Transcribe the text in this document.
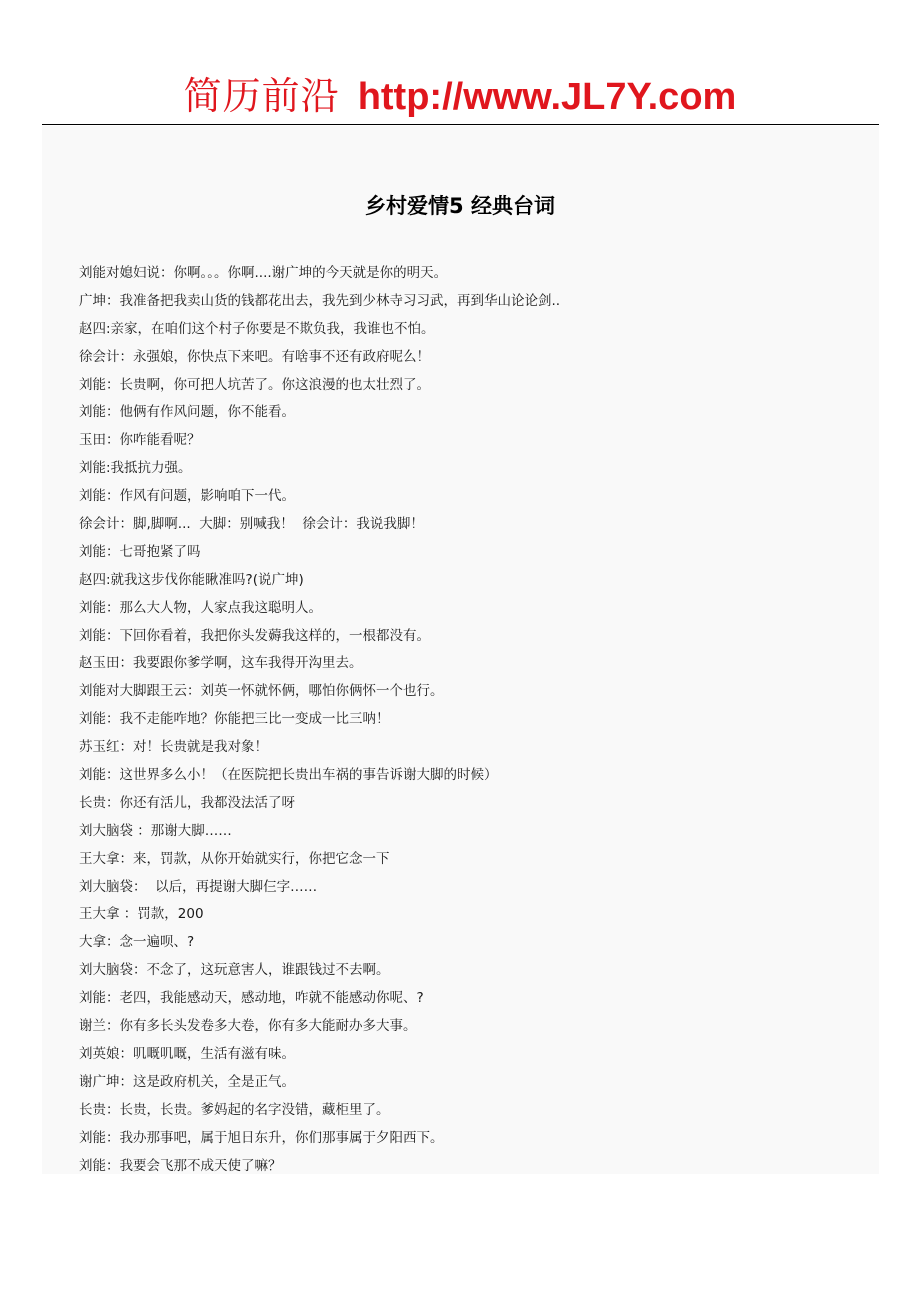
简历前沿 http://www.JL7Y.com
乡村爱情5 经典台词
刘能对媳妇说：你啊。。。你啊....谢广坤的今天就是你的明天。
广坤：我准备把我卖山货的钱都花出去，我先到少林寺习习武，再到华山论论剑..
赵四:亲家，在咱们这个村子你要是不欺负我，我谁也不怕。
徐会计：永强娘，你快点下来吧。有啥事不还有政府呢么！
刘能：长贵啊，你可把人坑苦了。你这浪漫的也太壮烈了。
刘能：他俩有作风问题，你不能看。
玉田：你咋能看呢？
刘能:我抵抗力强。
刘能：作风有问题，影响咱下一代。
徐会计：脚,脚啊...  大脚：别喊我！  徐会计：我说我脚！
刘能：七哥抱紧了吗
赵四:就我这步伐你能瞅准吗?(说广坤)
刘能：那么大人物，人家点我这聪明人。
刘能：下回你看着，我把你头发薅我这样的，一根都没有。
赵玉田：我要跟你爹学啊，这车我得开沟里去。
刘能对大脚跟王云：刘英一怀就怀俩，哪怕你俩怀一个也行。
刘能：我不走能咋地？你能把三比一变成一比三呐！
苏玉红：对！长贵就是我对象！
刘能：这世界多么小！（在医院把长贵出车祸的事告诉谢大脚的时候）
长贵：你还有活儿，我都没法活了呀
刘大脑袋 ：那谢大脚……
王大拿：来，罚款，从你开始就实行，你把它念一下
刘大脑袋：  以后，再提谢大脚仨字……
王大拿 ：罚款，200
大拿：念一遍呗、?
刘大脑袋：不念了，这玩意害人，谁跟钱过不去啊。
刘能：老四，我能感动天，感动地，咋就不能感动你呢、?
谢兰：你有多长头发卷多大卷，你有多大能耐办多大事。
刘英娘：叽嘅叽嘅，生活有滋有味。
谢广坤：这是政府机关，全是正气。
长贵：长贵，长贵。爹妈起的名字没错，藏柜里了。
刘能：我办那事吧，属于旭日东升，你们那事属于夕阳西下。
刘能：我要会飞那不成天使了嘛？
